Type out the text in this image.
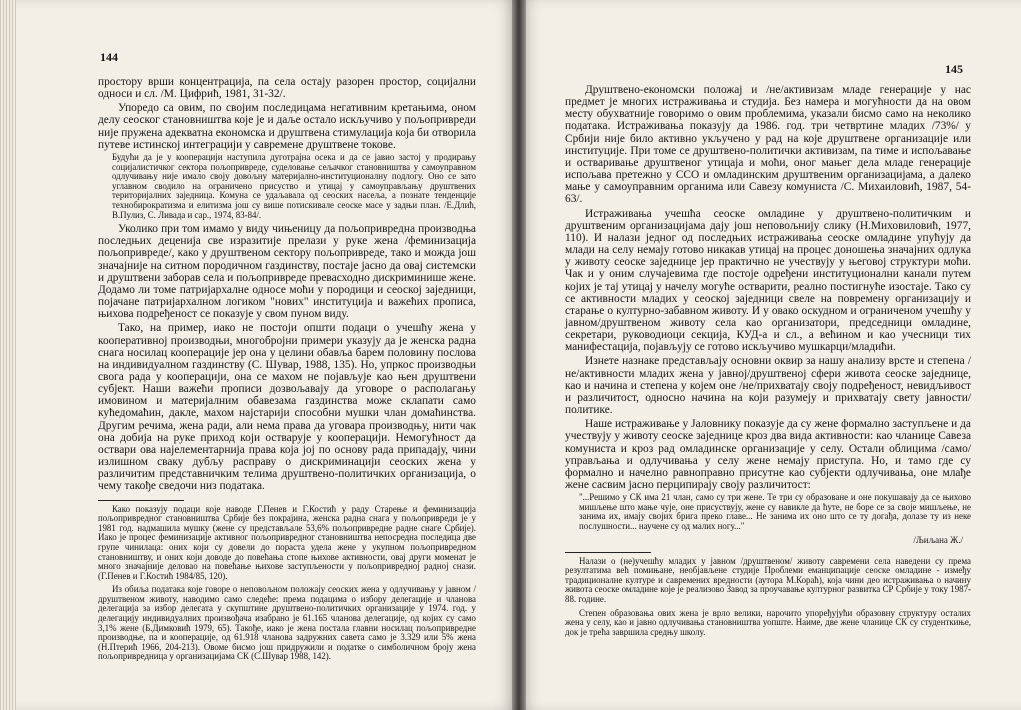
144

простору врши концентрација, па села остају разорен простор, социјални односи и сл. /М. Цифрић, 1981, 31-32/.

Упоредо са овим, по својим последицама негативним кретањима, оном делу сеоског становништва које је и даље остало искључиво у пољопривреди није пружена адекватна економска и друштвена стимулација која би отворила путеве истинској интеграцији у савремене друштвене токове.

Будући да је у кооперацији наступила дуготрајна осека и да се јавио застој у продирању социјалистичког сектора пољопривреде, суделовање сељачког становништва у самоуправном одлучивању није имало своју довољну материјално-институционалну подлогу. Оно се зато углавном сводило на ограничено присуство и утицај у самоуправљању друштвених територијалних заједница. Комуна се удаљавала од сеоских насеља, а познате тенденције технобирократизма и елитизма још су више потискивале сеоске масе у задњи план. /Е.Длић, В.Пулиз, С. Ливада и сар., 1974, 83-84/.

Уколико при том имамо у виду чињеницу да пољопривредна производња последњих деценија све изразитије прелази у руке жена /феминизација пољопривреде/, како у друштвеном сектору пољопривреде, тако и можда још значајније на ситном породичном газдинству, постаје јасно да овај системски и друштвени заборав села и пољопривреде превасходно дискриминише жене. Додамо ли томе патријархалне односе моћи у породици и сеоској заједници, појачане патријархалном логиком "нових" институција и важећих прописа, њихова подређеност се показује у свом пуном виду.

Тако, на пример, иако не постоји општи подаци о учешћу жена у кооперативној производњи, многобројни примери указују да је женска радна снага носилац кооперације јер она у целини обавља барем половину послова на индивидуалном газдинству (С. Шувар, 1988, 135). Но, упркос производњи свога рада у кооперацији, она се махом не појављује као њен друштвени субјект. Наши важећи прописи дозвољавају да уговоре о располагању имовином и материјалним обавезама газдинства може склапати само кућедомаћин, дакле, махом најстарији способни мушки члан домаћинства. Другим речима, жена ради, али нема права да уговара производњу, нити чак она добија на руке приход који остварује у кооперацији. Немогућност да оствари ова најелементарнија права која јој по основу рада припадају, чини излишном сваку дубљу расправу о дискриминацији сеоских жена у различитим представничким телима друштвено-политичких организација, о чему такође сведочи низ података.

Како показују подаци које наводе Г.Пенев и Г.Костић у раду Старење и феминизација пољопривредног становништва Србије без покрајина, женска радна снага у пољопривреди је у 1981 год. надмашила мушку (жене су представљале 53,6% пољопривредне радне снаге Србије). Иако је процес феминизације активног пољопривредног становништва непосредна последица две групе чинилаца: оних који су довели до пораста удела жене у укупном пољопривредном становништву, и оних који доводе до повећања стопе њихове активности, овај други моменат је много значајније деловао на повећање њихове заступљености у пољопривредној радној снази. (Г.Пенев и Г.Костић 1984/85, 120).

Из обиља података које говоре о неповољном положају сеоских жена у одлучивању у јавном /друштвеном животу, наводимо само следеће: према подацима о избору делегације и чланова делегација за избор делегата у скупштине друштвено-политичких организације у 1974. год. у делегацију индивидуалних произвођача изабрано је 61.165 чланова делегације, од којих су само 3,1% жене (Б.Димковић 1979, 65). Такође, иако је жена постала главни носилац пољопривредне производње, па и кооперације, од 61.918 чланова задружних савета само је 3.329 или 5% жена (Н.Птерић 1966, 204-213). Овоме бисмо још придружили и податке о симболичном броју жена пољопривредница у организацијама СК (С.Шувар 1988, 142).

145

Друштвено-економски положај и /не/активизам младе генерације у нас предмет је многих истраживања и студија. Без намера и могућности да на овом месту обухватније говоримо о овим проблемима, указали бисмо само на неколико података. Истраживања показују да 1986. год. три четвртине младих /73%/ у Србији није било активно укључено у рад на које друштвене организације или институције. При томе се друштвено-политички активизам, па тиме и испољавање и остваривање друштвеног утицаја и моћи, оног мањег дела младе генерације испољава претежно у ССО и омладинским друштвеним организацијама, а далеко мање у самоуправним органима или Савезу комуниста /С. Михаиловић, 1987, 54-63/.

Истраживања учешћа сеоске омладине у друштвено-политичким и друштвеним организацијама дају још неповољнију слику (Н.Миховиловић, 1977, 110). И налази једног од последњих истраживања сеоске омладине упућују да млади на селу немају готово никакав утицај на процес доношења значајних одлука у животу сеоске заједнице јер практично не учествују у његовој структури моћи. Чак и у оним случајевима где постоје одређени институционални канали путем којих је тај утицај у начелу могуће остварити, реално постигнуће изостаје. Тако су се активности младих у сеоској заједници свеле на повремену организацију и старање о културно-забавном животу. И у овако оскудном и ограниченом учешћу у јавном/друштвеном животу села као организатори, председници омладине, секретари, руководиоци секција, КУД-а и сл., а већином и као учесници тих манифестација, појављују се готово искључиво мушкарци/младићи.

Изнете назнаке представљају основни оквир за нашу анализу врсте и степена /не/активности младих жена у јавној/друштвеној сфери живота сеоске заједнице, као и начина и степена у којем оне /не/прихватају своју подређеност, невидљивост и различитост, односно начина на који разумеју и прихватају свету јавности/политике.

Наше истраживање у Јаловнику показује да су жене формално заступљене и да учествују у животу сеоске заједнице кроз два вида активности: као чланице Савеза комуниста и кроз рад омладинске организације у селу. Остали облицима /само/управљања и одлучивања у селу жене немају приступа. Но, и тамо где су формално и начелно равноправно присутне као субјекти одлучивања, оне млађе жене сасвим јасно перципирају своју различитост:

"...Решимо у СК има 21 члан, само су три жене. Те три су образоване и оне покушавају да се њихово мишљење што мање чује, оне присуствују, жене су навикле да ћуте, не боре се за своје мишљење, не занима их, имају својих брига преко главе... Не занима их оно што се ту догађа, долазе ту из неке послушности... научене су од малих ногу..."

/Љиљана Ж./

Налази о (не)учешћу младих у јавном /друштвеном/ животу савремени села наведени су према резултатима већ помињане, необјављене студије Проблеми еманципације сеоске омладине - између традиционалне културе и савремених вредности (аутора М.Кораћ), која чини део истраживања о начину живота сеоске омладине које је реализово Завод за проучавање културног развитка СР Србије у току 1987-88. године.

Степен образовања ових жена је врло велики, нарочито упоређујући образовну структуру осталих жена у селу, као и јавно одлучивања становништва уопште. Наиме, две жене чланице СК су студенткиње, док је трећа завршила средњу школу.
